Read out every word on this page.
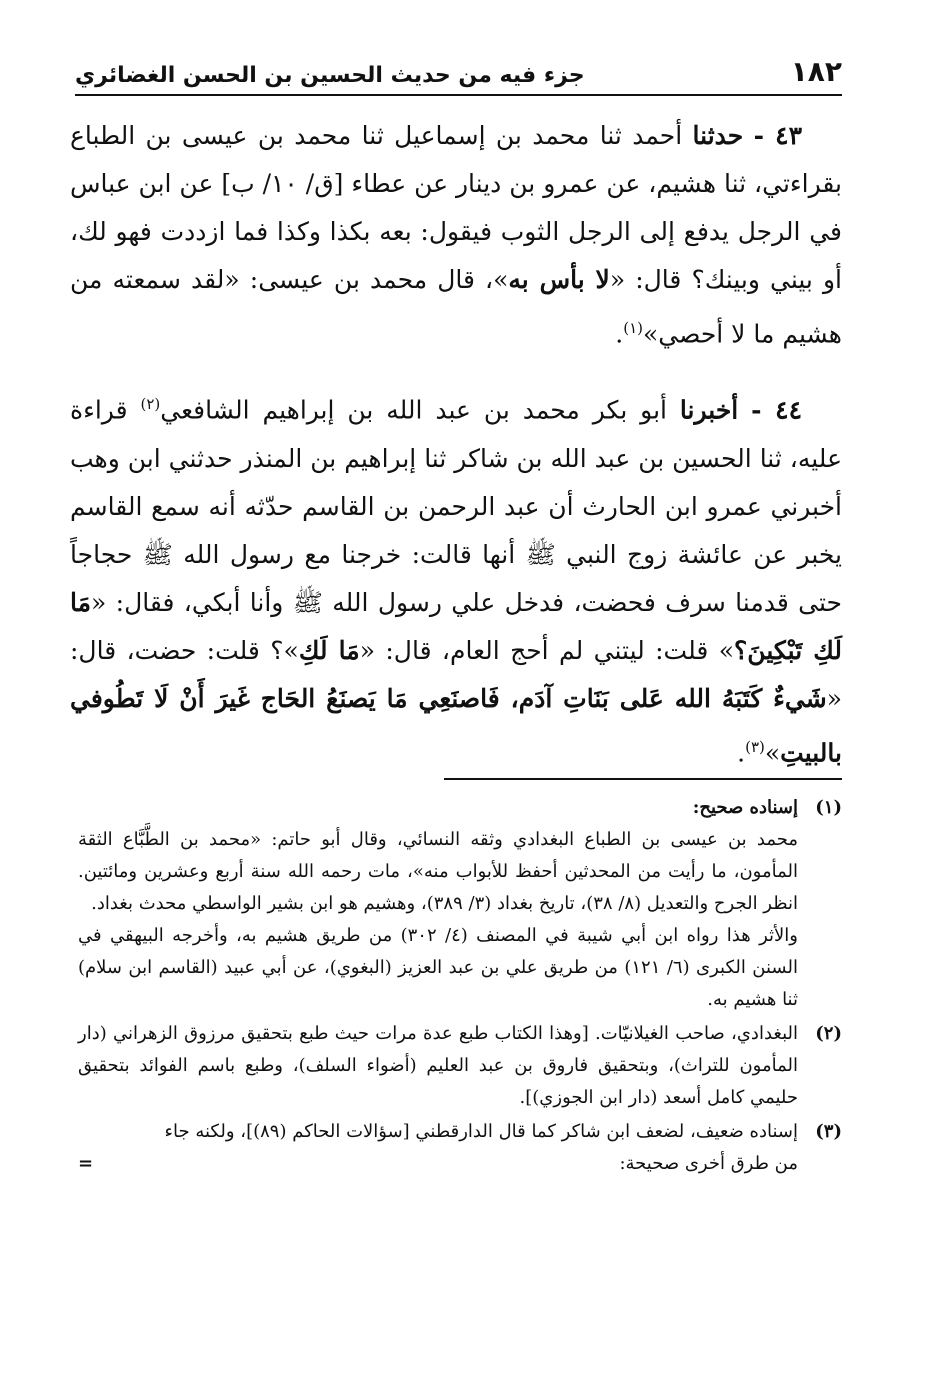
١٨٢
جزء فيه من حديث الحسين بن الحسن الغضائري

٤٣ - حدثنا أحمد ثنا محمد بن إسماعيل ثنا محمد بن عيسى بن الطباع بقراءتي، ثنا هشيم، عن عمرو بن دينار عن عطاء [ق/ ١٠/ ب] عن ابن عباس في الرجل يدفع إلى الرجل الثوب فيقول: بعه بكذا وكذا فما ازددت فهو لك، أو بيني وبينك؟ قال: «لا بأس به»، قال محمد بن عيسى: «لقد سمعته من هشيم ما لا أحصي»$^{(١)}$.

٤٤ - أخبرنا أبو بكر محمد بن عبد الله بن إبراهيم الشافعي$^{(٢)}$ قراءة عليه، ثنا الحسين بن عبد الله بن شاكر ثنا إبراهيم بن المنذر حدثني ابن وهب أخبرني عمرو ابن الحارث أن عبد الرحمن بن القاسم حدّثه أنه سمع القاسم يخبر عن عائشة زوج النبي ﷺ أنها قالت: خرجنا مع رسول الله ﷺ حجاجاً حتى قدمنا سرف فحضت، فدخل علي رسول الله ﷺ وأنا أبكي، فقال: «مَا لَكِ تَبْكِينَ؟» قلت: ليتني لم أحج العام، قال: «مَا لَكِ»؟ قلت: حضت، قال: «شَيءٌ كَتَبَهُ الله عَلى بَنَاتِ آدَم، فَاصنَعِي مَا يَصنَعُ الحَاج غَيرَ أَنْ لَا تَطُوفي بالبيتِ»$^{(٣)}$.

(١)

إسناده صحيح:

محمد بن عيسى بن الطباع البغدادي وثقه النسائي، وقال أبو حاتم: «محمد بن الطَّبَّاع الثقة المأمون، ما رأيت من المحدثين أحفظ للأبواب منه»، مات رحمه الله سنة أربع وعشرين ومائتين. انظر الجرح والتعديل (٨/ ٣٨)، تاريخ بغداد (٣/ ٣٨٩)، وهشيم هو ابن بشير الواسطي محدث بغداد.

والأثر هذا رواه ابن أبي شيبة في المصنف (٤/ ٣٠٢) من طريق هشيم به، وأخرجه البيهقي في السنن الكبرى (٦/ ١٢١) من طريق علي بن عبد العزيز (البغوي)، عن أبي عبيد (القاسم ابن سلام) ثنا هشيم به.

(٢)

البغدادي، صاحب الغيلانيّات. [وهذا الكتاب طبع عدة مرات حيث طبع بتحقيق مرزوق الزهراني (دار المأمون للتراث)، وبتحقيق فاروق بن عبد العليم (أضواء السلف)، وطبع باسم الفوائد بتحقيق حليمي كامل أسعد (دار ابن الجوزي)].

(٣)

إسناده ضعيف، لضعف ابن شاكر كما قال الدارقطني [سؤالات الحاكم (٨٩)]، ولكنه جاء

من طرق أخرى صحيحة:
=
